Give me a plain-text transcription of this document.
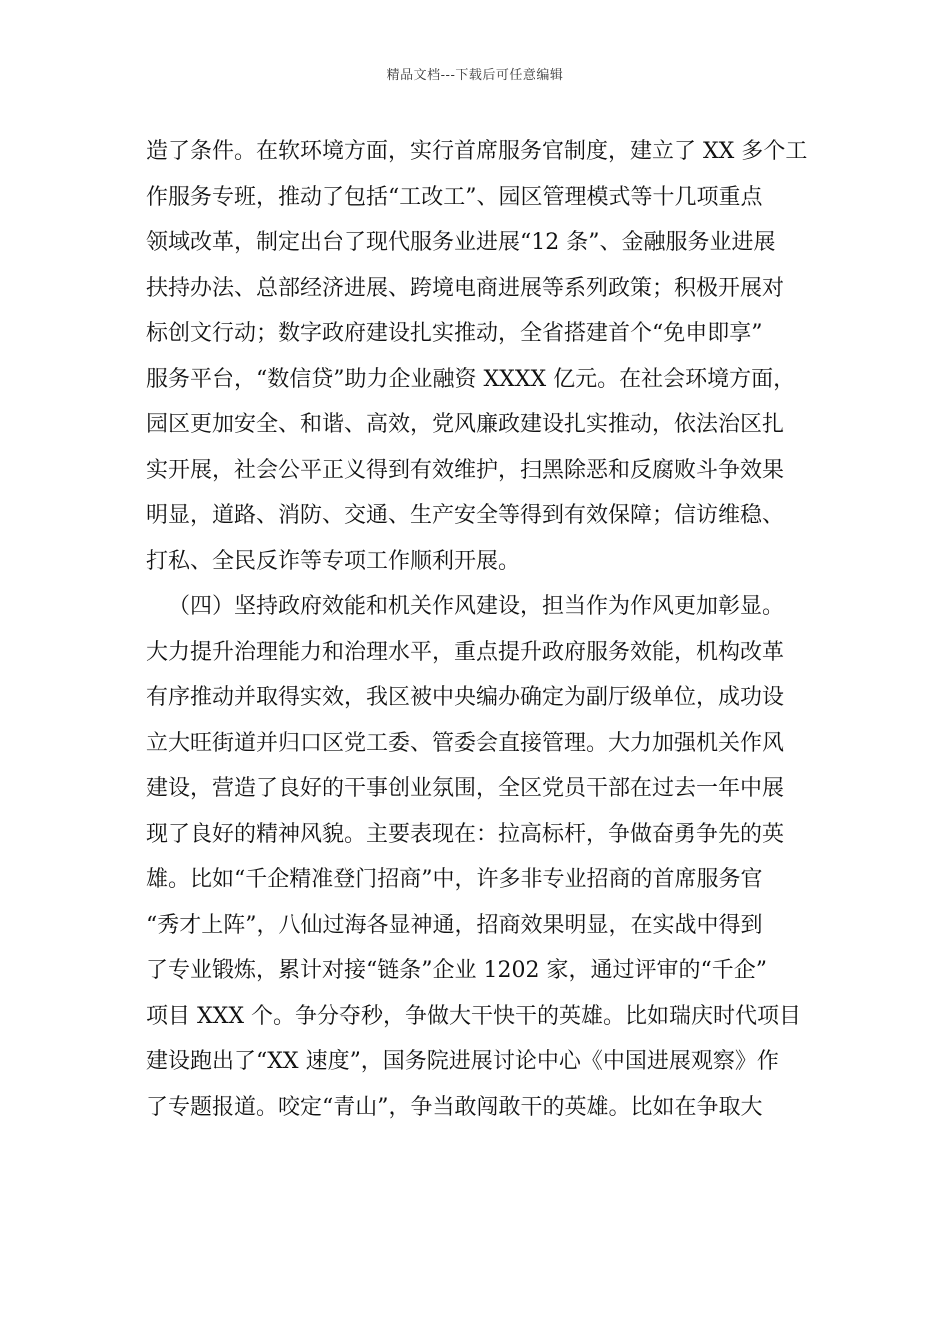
精品文档---下载后可任意编辑
造了条件。在软环境方面，实行首席服务官制度，建立了 XX 多个工
作服务专班，推动了包括“工改工”、园区管理模式等十几项重点
领域改革，制定出台了现代服务业进展“12 条”、金融服务业进展
扶持办法、总部经济进展、跨境电商进展等系列政策；积极开展对
标创文行动；数字政府建设扎实推动，全省搭建首个“免申即享”
服务平台，“数信贷”助力企业融资 XXXX 亿元。在社会环境方面，
园区更加安全、和谐、高效，党风廉政建设扎实推动，依法治区扎
实开展，社会公平正义得到有效维护，扫黑除恶和反腐败斗争效果
明显，道路、消防、交通、生产安全等得到有效保障；信访维稳、
打私、全民反诈等专项工作顺利开展。
（四）坚持政府效能和机关作风建设，担当作为作风更加彰显。
大力提升治理能力和治理水平，重点提升政府服务效能，机构改革
有序推动并取得实效，我区被中央编办确定为副厅级单位，成功设
立大旺街道并归口区党工委、管委会直接管理。大力加强机关作风
建设，营造了良好的干事创业氛围，全区党员干部在过去一年中展
现了良好的精神风貌。主要表现在：拉高标杆，争做奋勇争先的英
雄。比如“千企精准登门招商”中，许多非专业招商的首席服务官
“秀才上阵”，八仙过海各显神通，招商效果明显，在实战中得到
了专业锻炼，累计对接“链条”企业 1202 家，通过评审的“千企”
项目 XXX 个。争分夺秒，争做大干快干的英雄。比如瑞庆时代项目
建设跑出了“XX 速度”，国务院进展讨论中心《中国进展观察》作
了专题报道。咬定“青山”，争当敢闯敢干的英雄。比如在争取大
